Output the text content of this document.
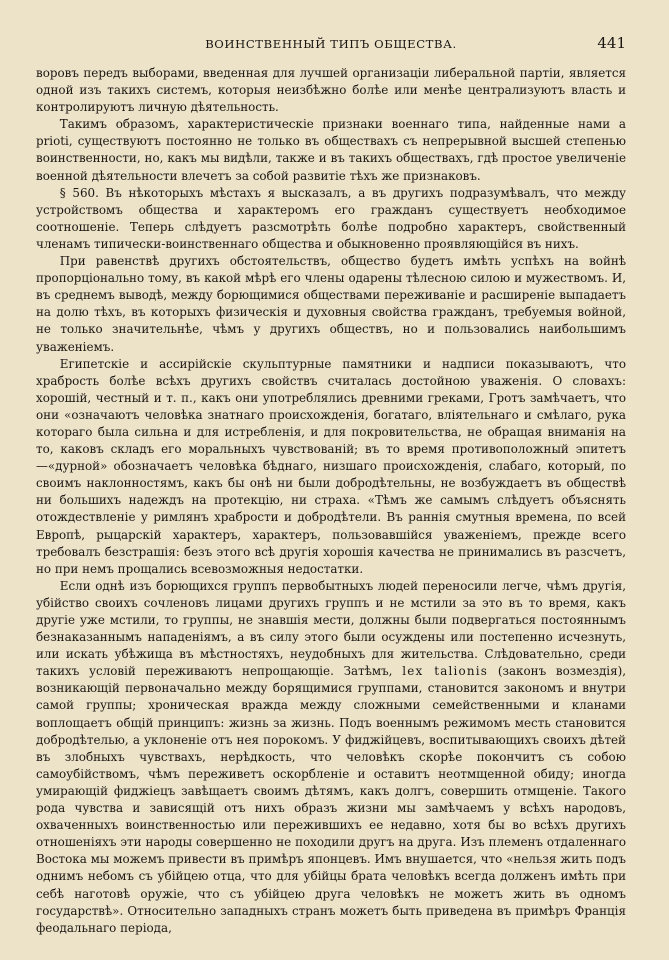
ВОИНСТВЕННЫЙ ТИПЪ ОБЩЕСТВА.	441

воровъ передъ выборами, введенная для лучшей организаціи либеральной партіи, является одной изъ такихъ системъ, которыя неизбѣжно болѣе или менѣе централизуютъ власть и контролируютъ личную дѣятельность.

Такимъ образомъ, характеристическіе признаки военнаго типа, найденные нами а prioti, существуютъ постоянно не только въ обществахъ съ непрерывной высшей степенью воинственности, но, какъ мы видѣли, также и въ такихъ обществахъ, гдѣ простое увеличеніе военной дѣятельности влечетъ за собой развитіе тѣхъ же признаковъ.

§ 560. Въ нѣкоторыхъ мѣстахъ я высказалъ, а въ другихъ подразумѣвалъ, что между устройствомъ общества и характеромъ его гражданъ существуетъ необходимое соотношеніе. Теперь слѣдуетъ разсмотрѣть болѣе подробно характеръ, свойственный членамъ типически-воинственнаго общества и обыкновенно проявляющійся въ нихъ.

При равенствѣ другихъ обстоятельствъ, общество будетъ имѣть успѣхъ на войнѣ пропорціонально тому, въ какой мѣрѣ его члены одарены тѣлесною силою и мужествомъ. И, въ среднемъ выводѣ, между борющимися обществами переживаніе и расширеніе выпадаетъ на долю тѣхъ, въ которыхъ физическія и духовныя свойства гражданъ, требуемыя войной, не только значительнѣе, чѣмъ у другихъ обществъ, но и пользовались наибольшимъ уваженіемъ.

Египетскіе и ассирійскіе скульптурные памятники и надписи показываютъ, что храбрость болѣе всѣхъ другихъ свойствъ считалась достойною уваженія. О словахъ: хорошій, честный и т. п., какъ они употреблялись древними греками, Гротъ замѣчаетъ, что они «означаютъ человѣка знатнаго происхожденія, богатаго, вліятельнаго и смѣлаго, рука котораго была сильна и для истребленія, и для покровительства, не обращая вниманія на то, каковъ складъ его моральныхъ чувствованій; въ то время противоположный эпитетъ—«дурной» обозначаетъ человѣка бѣднаго, низшаго происхожденія, слабаго, который, по своимъ наклонностямъ, какъ бы онѣ ни были добродѣтельны, не возбуждаетъ въ обществѣ ни большихъ надеждъ на протекцію, ни страха. «Тѣмъ же самымъ слѣдуетъ объяснять отождествленіе у римлянъ храбрости и добродѣтели. Въ раннія смутныя времена, по всей Европѣ, рыцарскій характеръ, характеръ, пользовавшійся уваженіемъ, прежде всего требовалъ безстрашія: безъ этого всѣ другія хорошія качества не принимались въ разсчетъ, но при немъ прощались всевозможныя недостатки.

Если однѣ изъ борющихся группъ первобытныхъ людей переносили легче, чѣмъ другія, убійство своихъ сочленовъ лицами другихъ группъ и не мстили за это въ то время, какъ другіе уже мстили, то группы, не знавшія мести, должны были подвергаться постояннымъ безнаказаннымъ нападеніямъ, а въ силу этого были осуждены или постепенно исчезнуть, или искать убѣжища въ мѣстностяхъ, неудобныхъ для жительства. Слѣдовательно, среди такихъ условій переживаютъ непрощающіе. Затѣмъ, lex talionis (законъ возмездія), возникающій первоначально между борящимися группами, становится закономъ и внутри самой группы; хроническая вражда между сложными семейственными и кланами воплощаетъ общій принципъ: жизнь за жизнь. Подъ военнымъ режимомъ месть становится добродѣтелью, а уклоненіе отъ нея порокомъ. У фиджійцевъ, воспитывающихъ своихъ дѣтей въ злобныхъ чувствахъ, нерѣдкость, что человѣкъ скорѣе покончитъ съ собою самоубійствомъ, чѣмъ переживетъ оскорбленіе и оставитъ неотмщенной обиду; иногда умирающій фиджіецъ завѣщаетъ своимъ дѣтямъ, какъ долгъ, совершить отмщеніе. Такого рода чувства и зависящій отъ нихъ образъ жизни мы замѣчаемъ у всѣхъ народовъ, охваченныхъ воинственностью или пережившихъ ее недавно, хотя бы во всѣхъ другихъ отношеніяхъ эти народы совершенно не походили другъ на друга. Изъ племенъ отдаленнаго Востока мы можемъ привести въ примѣръ японцевъ. Имъ внушается, что «нельзя жить подъ однимъ небомъ съ убійцею отца, что для убійцы брата человѣкъ всегда долженъ имѣть при себѣ наготовѣ оружіе, что съ убійцею друга человѣкъ не можетъ жить въ одномъ государствѣ». Относительно западныхъ странъ можетъ быть приведена въ примѣръ Франція феодальнаго періода,
